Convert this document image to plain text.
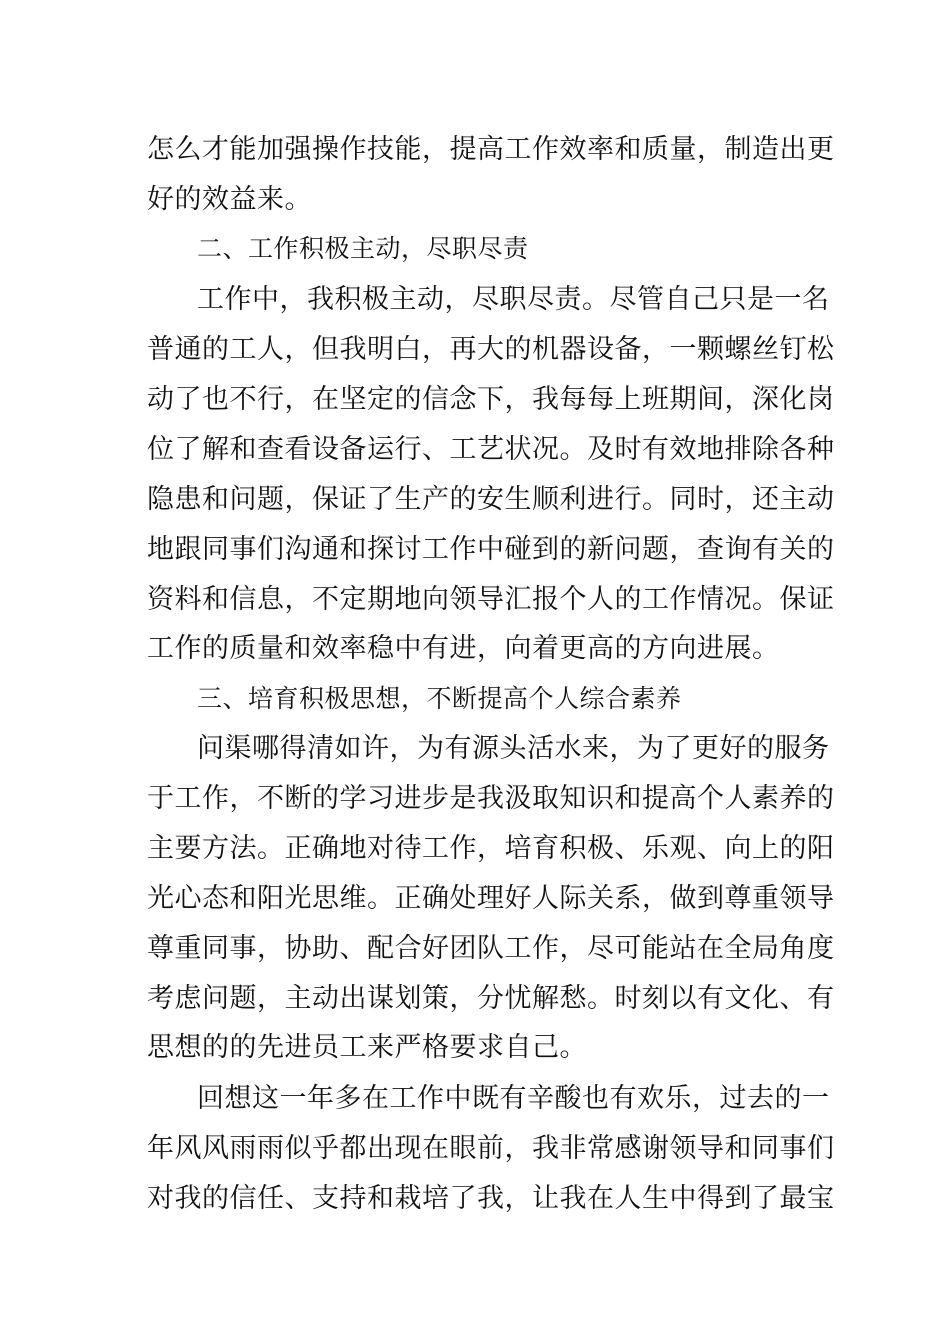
怎么才能加强操作技能，提高工作效率和质量，制造出更
好的效益来。
二、工作积极主动，尽职尽责
工作中，我积极主动，尽职尽责。尽管自己只是一名
普通的工人，但我明白，再大的机器设备，一颗螺丝钉松
动了也不行，在坚定的信念下，我每每上班期间，深化岗
位了解和查看设备运行、工艺状况。及时有效地排除各种
隐患和问题，保证了生产的安生顺利进行。同时，还主动
地跟同事们沟通和探讨工作中碰到的新问题，查询有关的
资料和信息，不定期地向领导汇报个人的工作情况。保证
工作的质量和效率稳中有进，向着更高的方向进展。
三、培育积极思想，不断提高个人综合素养
问渠哪得清如许，为有源头活水来，为了更好的服务
于工作，不断的学习进步是我汲取知识和提高个人素养的
主要方法。正确地对待工作，培育积极、乐观、向上的阳
光心态和阳光思维。正确处理好人际关系，做到尊重领导
尊重同事，协助、配合好团队工作，尽可能站在全局角度
考虑问题，主动出谋划策，分忧解愁。时刻以有文化、有
思想的的先进员工来严格要求自己。
回想这一年多在工作中既有辛酸也有欢乐，过去的一
年风风雨雨似乎都出现在眼前，我非常感谢领导和同事们
对我的信任、支持和栽培了我，让我在人生中得到了最宝
